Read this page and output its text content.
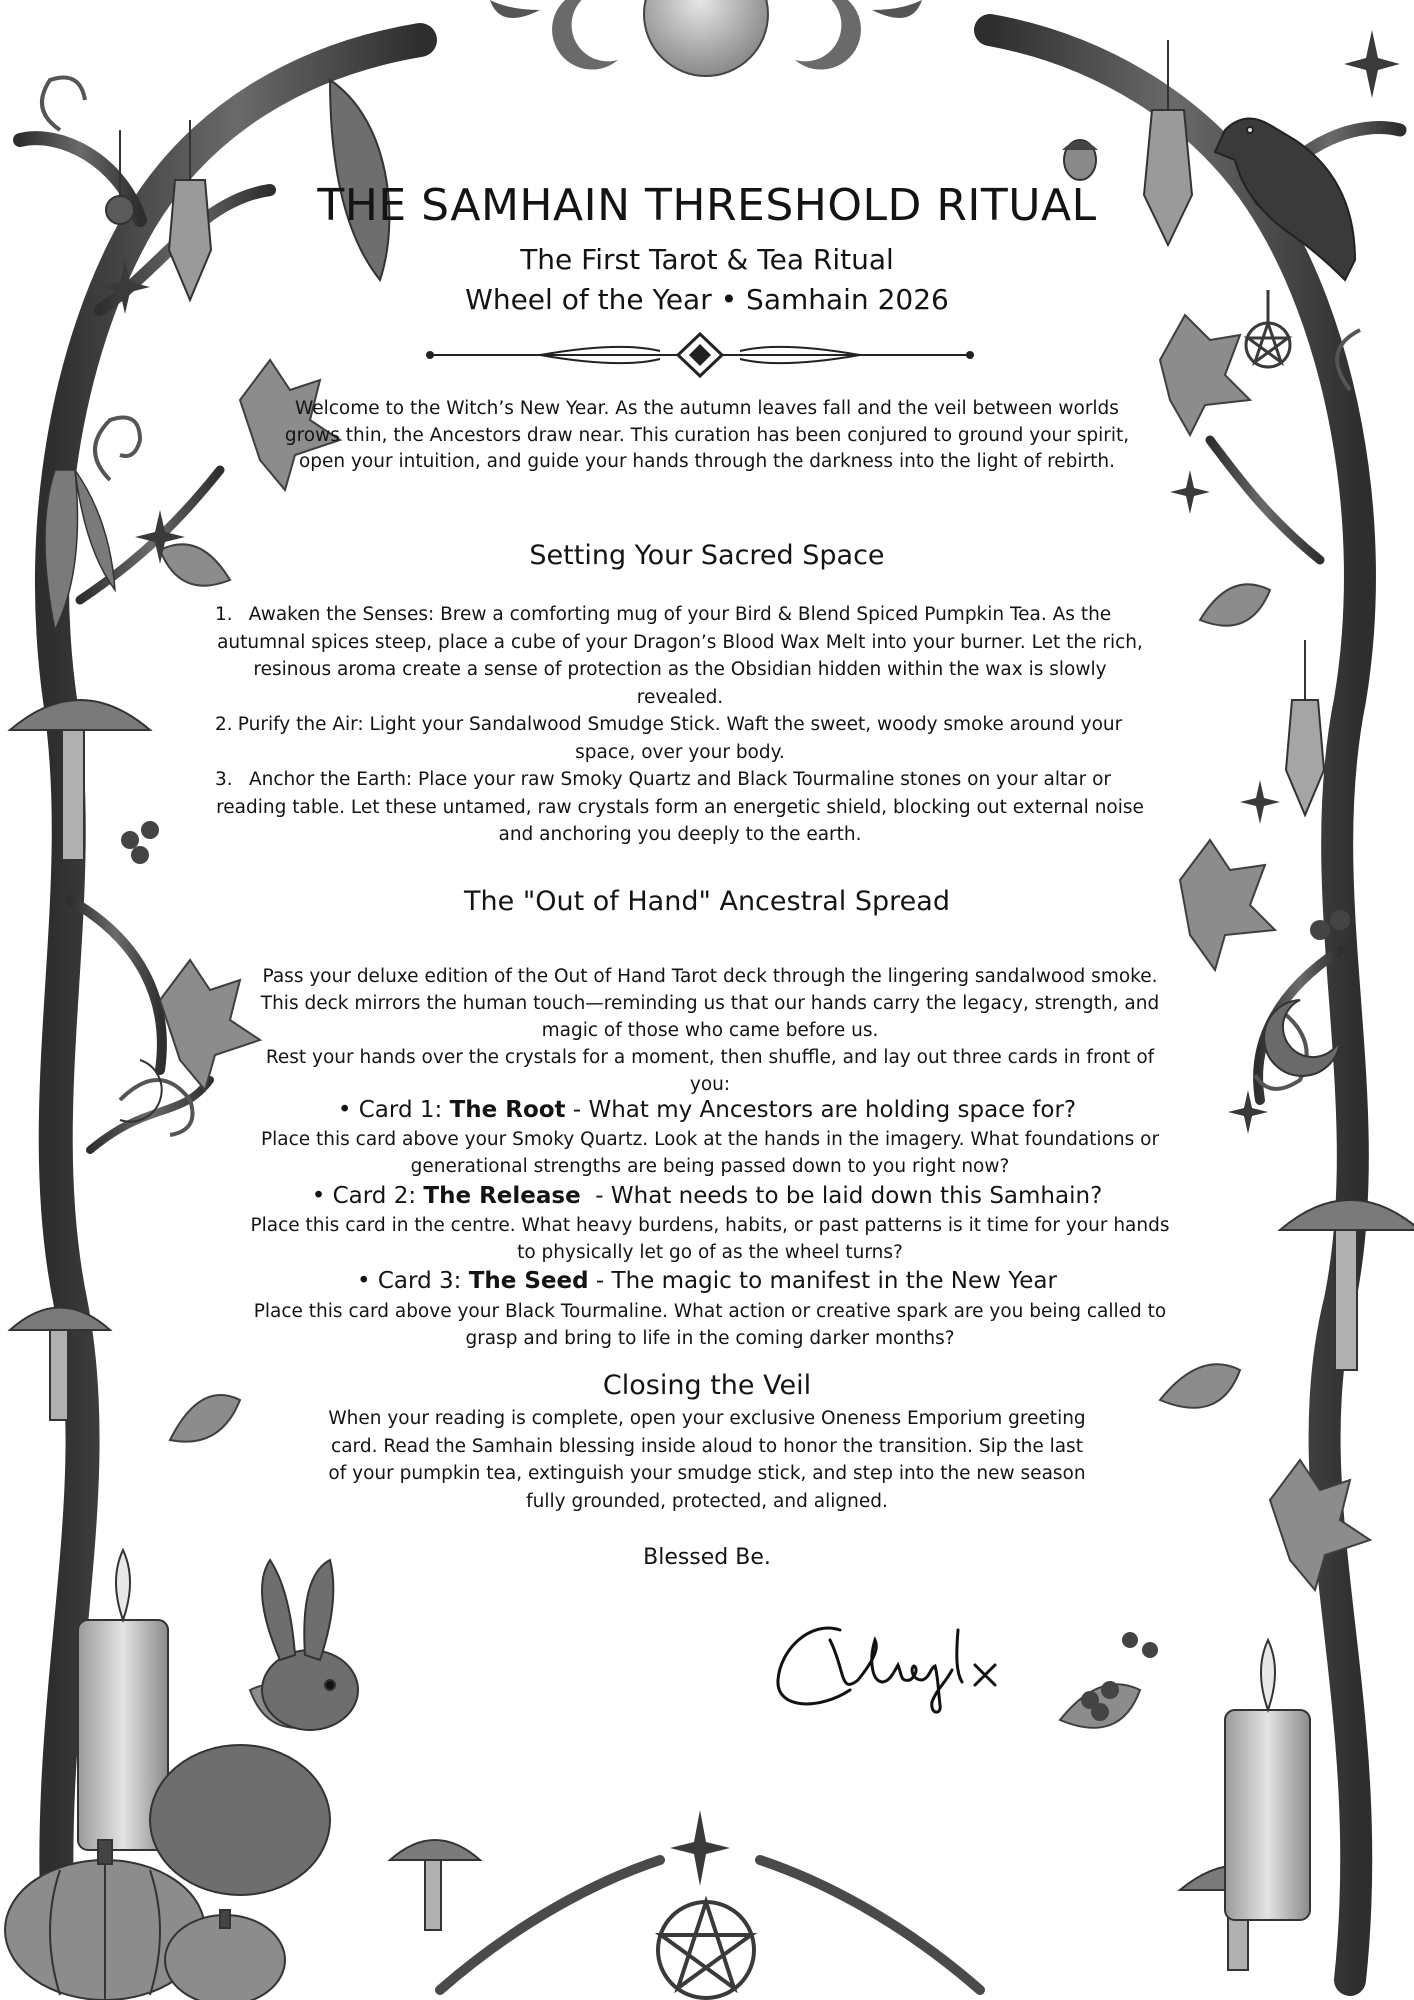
THE SAMHAIN THRESHOLD RITUAL
The First Tarot & Tea Ritual
Wheel of the Year • Samhain 2026
Welcome to the Witch’s New Year. As the autumn leaves fall and the veil between worlds grows thin, the Ancestors draw near. This curation has been conjured to ground your spirit, open your intuition, and guide your hands through the darkness into the light of rebirth.
Setting Your Sacred Space
1. Awaken the Senses: Brew a comforting mug of your Bird & Blend Spiced Pumpkin Tea. As the autumnal spices steep, place a cube of your Dragon’s Blood Wax Melt into your burner. Let the rich, resinous aroma create a sense of protection as the Obsidian hidden within the wax is slowly revealed.
2. Purify the Air: Light your Sandalwood Smudge Stick. Waft the sweet, woody smoke around your space, over your body.
3. Anchor the Earth: Place your raw Smoky Quartz and Black Tourmaline stones on your altar or reading table. Let these untamed, raw crystals form an energetic shield, blocking out external noise and anchoring you deeply to the earth.
The "Out of Hand" Ancestral Spread
Pass your deluxe edition of the Out of Hand Tarot deck through the lingering sandalwood smoke. This deck mirrors the human touch—reminding us that our hands carry the legacy, strength, and magic of those who came before us.
Rest your hands over the crystals for a moment, then shuffle, and lay out three cards in front of you:
• Card 1: The Root - What my Ancestors are holding space for?
Place this card above your Smoky Quartz. Look at the hands in the imagery. What foundations or generational strengths are being passed down to you right now?
• Card 2: The Release  - What needs to be laid down this Samhain?
Place this card in the centre. What heavy burdens, habits, or past patterns is it time for your hands to physically let go of as the wheel turns?
• Card 3: The Seed - The magic to manifest in the New Year
Place this card above your Black Tourmaline. What action or creative spark are you being called to grasp and bring to life in the coming darker months?
Closing the Veil
When your reading is complete, open your exclusive Oneness Emporium greeting card. Read the Samhain blessing inside aloud to honor the transition. Sip the last of your pumpkin tea, extinguish your smudge stick, and step into the new season fully grounded, protected, and aligned.
Blessed Be.
